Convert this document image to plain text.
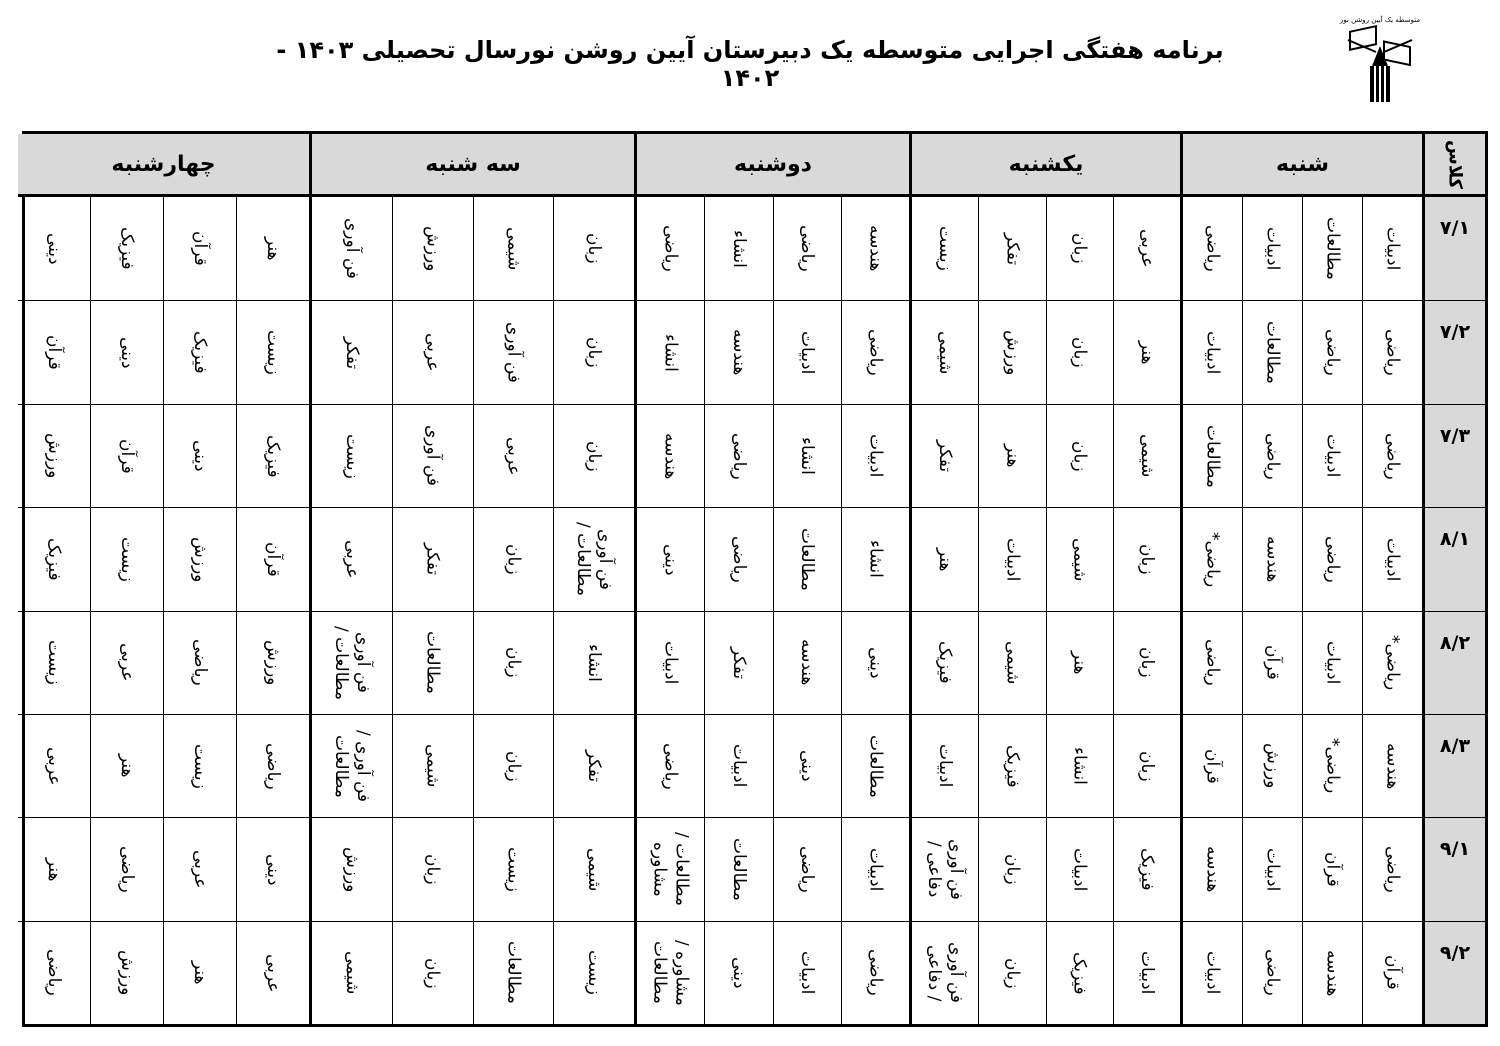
برنامه هفتگی اجرایی متوسطه یک دبیرستان آیین روشن نورسال تحصیلی ۱۴۰۳ - ۱۴۰۲
متوسطه یک آیین روشن نور
کلاس
شنبه
یکشنبه
دوشنبه
سه شنبه
چهارشنبه
۷/۱
ادبیات
مطالعات
ادبیات
ریاضی
عربی
زبان
تفکر
زیست
هندسه
ریاضی
انشاء
ریاضی
زبان
شیمی
ورزش
فن آوری
هنر
قرآن
فیزیک
دینی
۷/۲
ریاضی
ریاضی
مطالعات
ادبیات
هنر
زبان
ورزش
شیمی
ریاضی
ادبیات
هندسه
انشاء
زبان
فن آوری
عربی
تفکر
زیست
فیزیک
دینی
قرآن
۷/۳
ریاضی
ادبیات
ریاضی
مطالعات
شیمی
زبان
هنر
تفکر
ادبیات
انشاء
ریاضی
هندسه
زبان
عربی
فن آوری
زیست
فیزیک
دینی
قرآن
ورزش
۸/۱
ادبیات
ریاضی
هندسه
ریاضی*
زبان
شیمی
ادبیات
هنر
انشاء
مطالعات
ریاضی
دینی
فن آوری
مطالعات /
زبان
تفکر
عربی
قرآن
ورزش
زیست
فیزیک
۸/۲
ریاضی*
ادبیات
قرآن
ریاضی
زبان
هنر
شیمی
فیزیک
دینی
هندسه
تفکر
ادبیات
انشاء
زبان
مطالعات
فن آوری
مطالعات /
ورزش
ریاضی
عربی
زیست
۸/۳
هندسه
ریاضی*
ورزش
قرآن
زبان
انشاء
فیزیک
ادبیات
مطالعات
دینی
ادبیات
ریاضی
تفکر
زبان
شیمی
فن آوری /
مطالعات
ریاضی
زیست
هنر
عربی
۹/۱
ریاضی
قرآن
ادبیات
هندسه
فیزیک
ادبیات
زبان
فن آوری
دفاعی /
ادبیات
ریاضی
مطالعات
مطالعات /
مشاوره
شیمی
زیست
زبان
ورزش
دینی
عربی
ریاضی
هنر
۹/۲
قرآن
هندسه
ریاضی
ادبیات
ادبیات
فیزیک
زبان
فن آوری
/ دفاعی
ریاضی
ادبیات
دینی
مشاوره /
مطالعات
زیست
مطالعات
زبان
شیمی
عربی
هنر
ورزش
ریاضی
